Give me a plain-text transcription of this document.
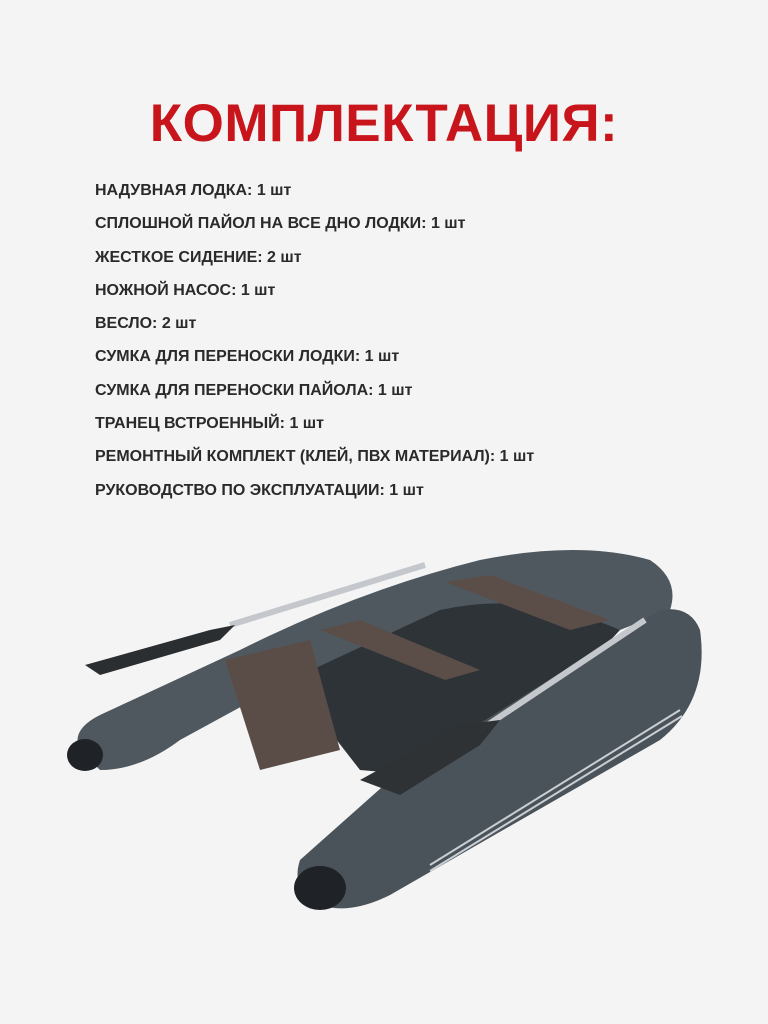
КОМПЛЕКТАЦИЯ:
НАДУВНАЯ ЛОДКА: 1 шт
СПЛОШНОЙ ПАЙОЛ НА ВСЕ ДНО ЛОДКИ: 1 шт
ЖЕСТКОЕ СИДЕНИЕ: 2 шт
НОЖНОЙ НАСОС: 1 шт
ВЕСЛО: 2 шт
СУМКА ДЛЯ ПЕРЕНОСКИ ЛОДКИ: 1 шт
СУМКА ДЛЯ ПЕРЕНОСКИ ПАЙОЛА: 1 шт
ТРАНЕЦ ВСТРОЕННЫЙ: 1 шт
РЕМОНТНЫЙ КОМПЛЕКТ (КЛЕЙ, ПВХ МАТЕРИАЛ): 1 шт
РУКОВОДСТВО ПО ЭКСПЛУАТАЦИИ: 1 шт
